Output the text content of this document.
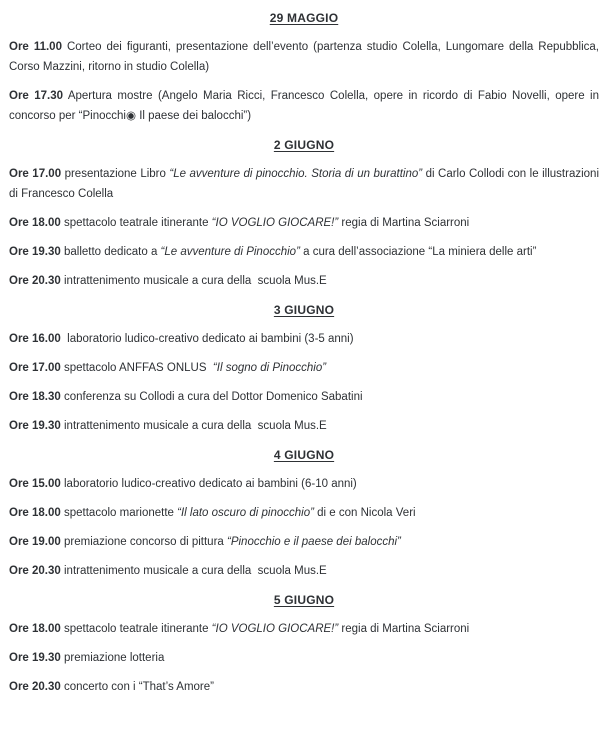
29 MAGGIO

Ore 11.00 Corteo dei figuranti, presentazione dell’evento (partenza studio Colella, Lungomare della Repubblica, Corso Mazzini, ritorno in studio Colella)

Ore 17.30 Apertura mostre (Angelo Maria Ricci, Francesco Colella, opere in ricordo di Fabio Novelli, opere in concorso per “Pinocchi◉ Il paese dei balocchi”)

2 GIUGNO

Ore 17.00 presentazione Libro “Le avventure di pinocchio. Storia di un burattino” di Carlo Collodi con le illustrazioni di Francesco Colella

Ore 18.00 spettacolo teatrale itinerante “IO VOGLIO GIOCARE!” regia di Martina Sciarroni

Ore 19.30 balletto dedicato a “Le avventure di Pinocchio” a cura dell’associazione “La miniera delle arti”

Ore 20.30 intrattenimento musicale a cura della  scuola Mus.E

3 GIUGNO

Ore 16.00  laboratorio ludico-creativo dedicato ai bambini (3-5 anni)

Ore 17.00 spettacolo ANFFAS ONLUS  “Il sogno di Pinocchio”

Ore 18.30 conferenza su Collodi a cura del Dottor Domenico Sabatini

Ore 19.30 intrattenimento musicale a cura della  scuola Mus.E

4 GIUGNO

Ore 15.00 laboratorio ludico-creativo dedicato ai bambini (6-10 anni)

Ore 18.00 spettacolo marionette “Il lato oscuro di pinocchio” di e con Nicola Veri

Ore 19.00 premiazione concorso di pittura “Pinocchio e il paese dei balocchi”

Ore 20.30 intrattenimento musicale a cura della  scuola Mus.E

5 GIUGNO

Ore 18.00 spettacolo teatrale itinerante “IO VOGLIO GIOCARE!” regia di Martina Sciarroni

Ore 19.30 premiazione lotteria

Ore 20.30 concerto con i “That’s Amore”
